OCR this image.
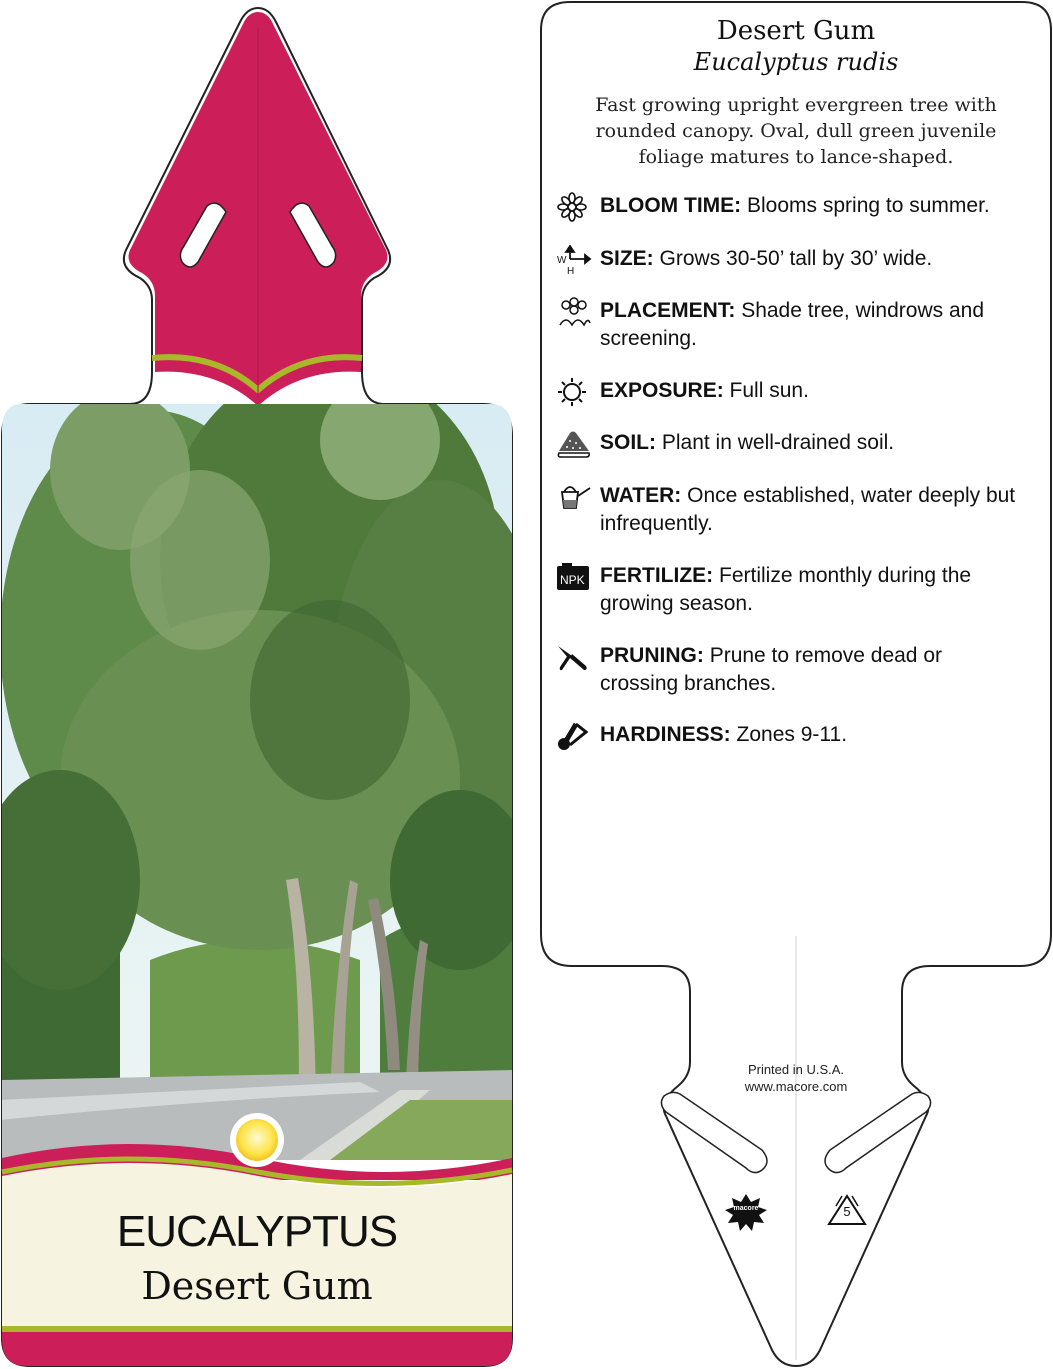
EUCALYPTUS
Desert Gum
Desert Gum
Eucalyptus rudis
Fast growing upright evergreen tree with rounded canopy. Oval, dull green juvenile foliage matures to lance-shaped.
BLOOM TIME: Blooms spring to summer.
W
H
SIZE: Grows 30-50’ tall by 30’ wide.
PLACEMENT: Shade tree, windrows and screening.
EXPOSURE: Full sun.
SOIL: Plant in well-drained soil.
WATER: Once established, water deeply but infrequently.
NPK FERTILIZE: Fertilize monthly during the growing season.
PRUNING: Prune to remove dead or crossing branches.
HARDINESS: Zones 9-11.
Printed in U.S.A.
www.macore.com
macore	5
